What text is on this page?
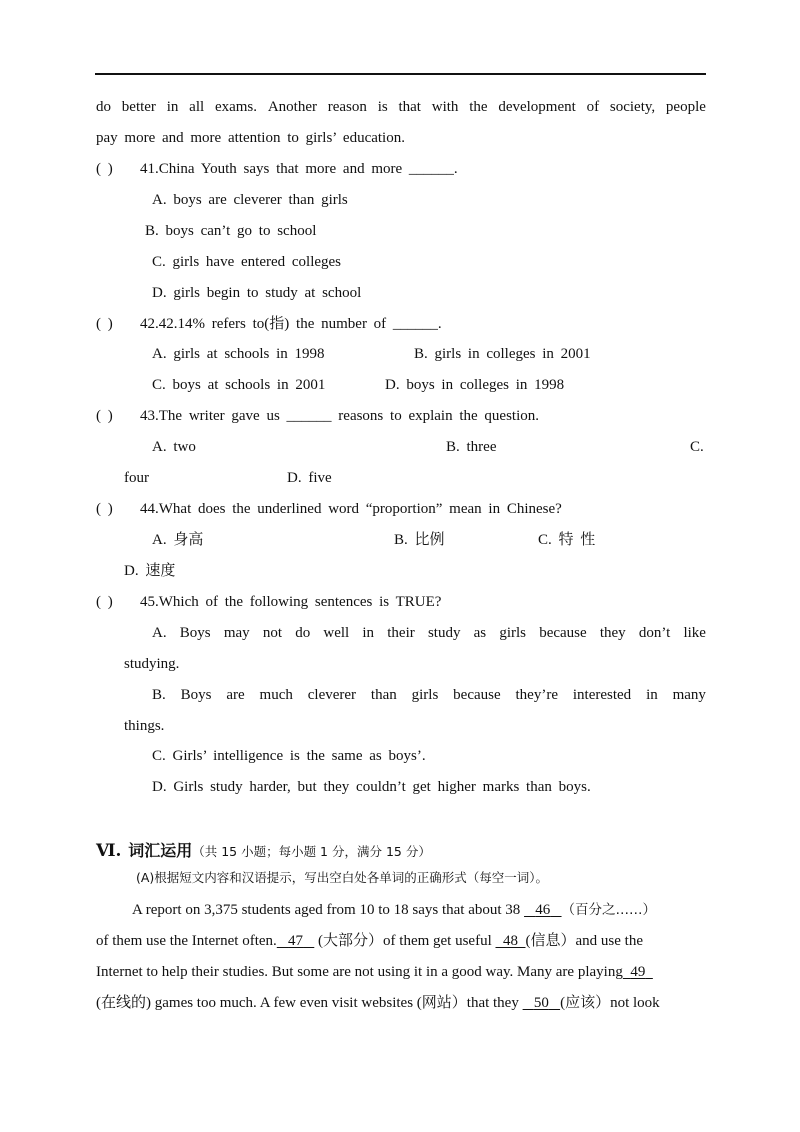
do better in all exams. Another reason is that with the development of society, people
pay more and more attention to girls’ education.
( ) 41.China Youth says that more and more ______.
A. boys are cleverer than girls
B. boys can’t go to school
C. girls have entered colleges
D. girls begin to study at school
( ) 42.42.14% refers to(指) the number of ______.
A. girls at schools in 1998	B. girls in colleges in 2001
C. boys at schools in 2001	D. boys in colleges in 1998
( ) 43.The writer gave us ______ reasons to explain the question.
A. two	B. three	C.
four	D. five
( ) 44.What does the underlined word “proportion” mean in Chinese?
A. 身高	B. 比例	C. 特 性
D. 速度
( ) 45.Which of the following sentences is TRUE?
A. Boys may not do well in their study as girls because they don’t like
studying.
B. Boys are much cleverer than girls because they’re interested in many
things.
C. Girls’ intelligence is the same as boys’.
D. Girls study harder, but they couldn’t get higher marks than boys.
Ⅵ. 词汇运用（共 15 小题；每小题 1 分，满分 15 分）
(A)根据短文内容和汉语提示，写出空白处各单词的正确形式（每空一词）。
A report on 3,375 students aged from 10 to 18 says that about 38 46 （百分之……）
of them use the Internet often. 47 (大部分）of them get useful 48 (信息）and use the
Internet to help their studies. But some are not using it in a good way. Many are playing 49
(在线的) games too much. A few even visit websites (网站）that they 50 (应该）not look
